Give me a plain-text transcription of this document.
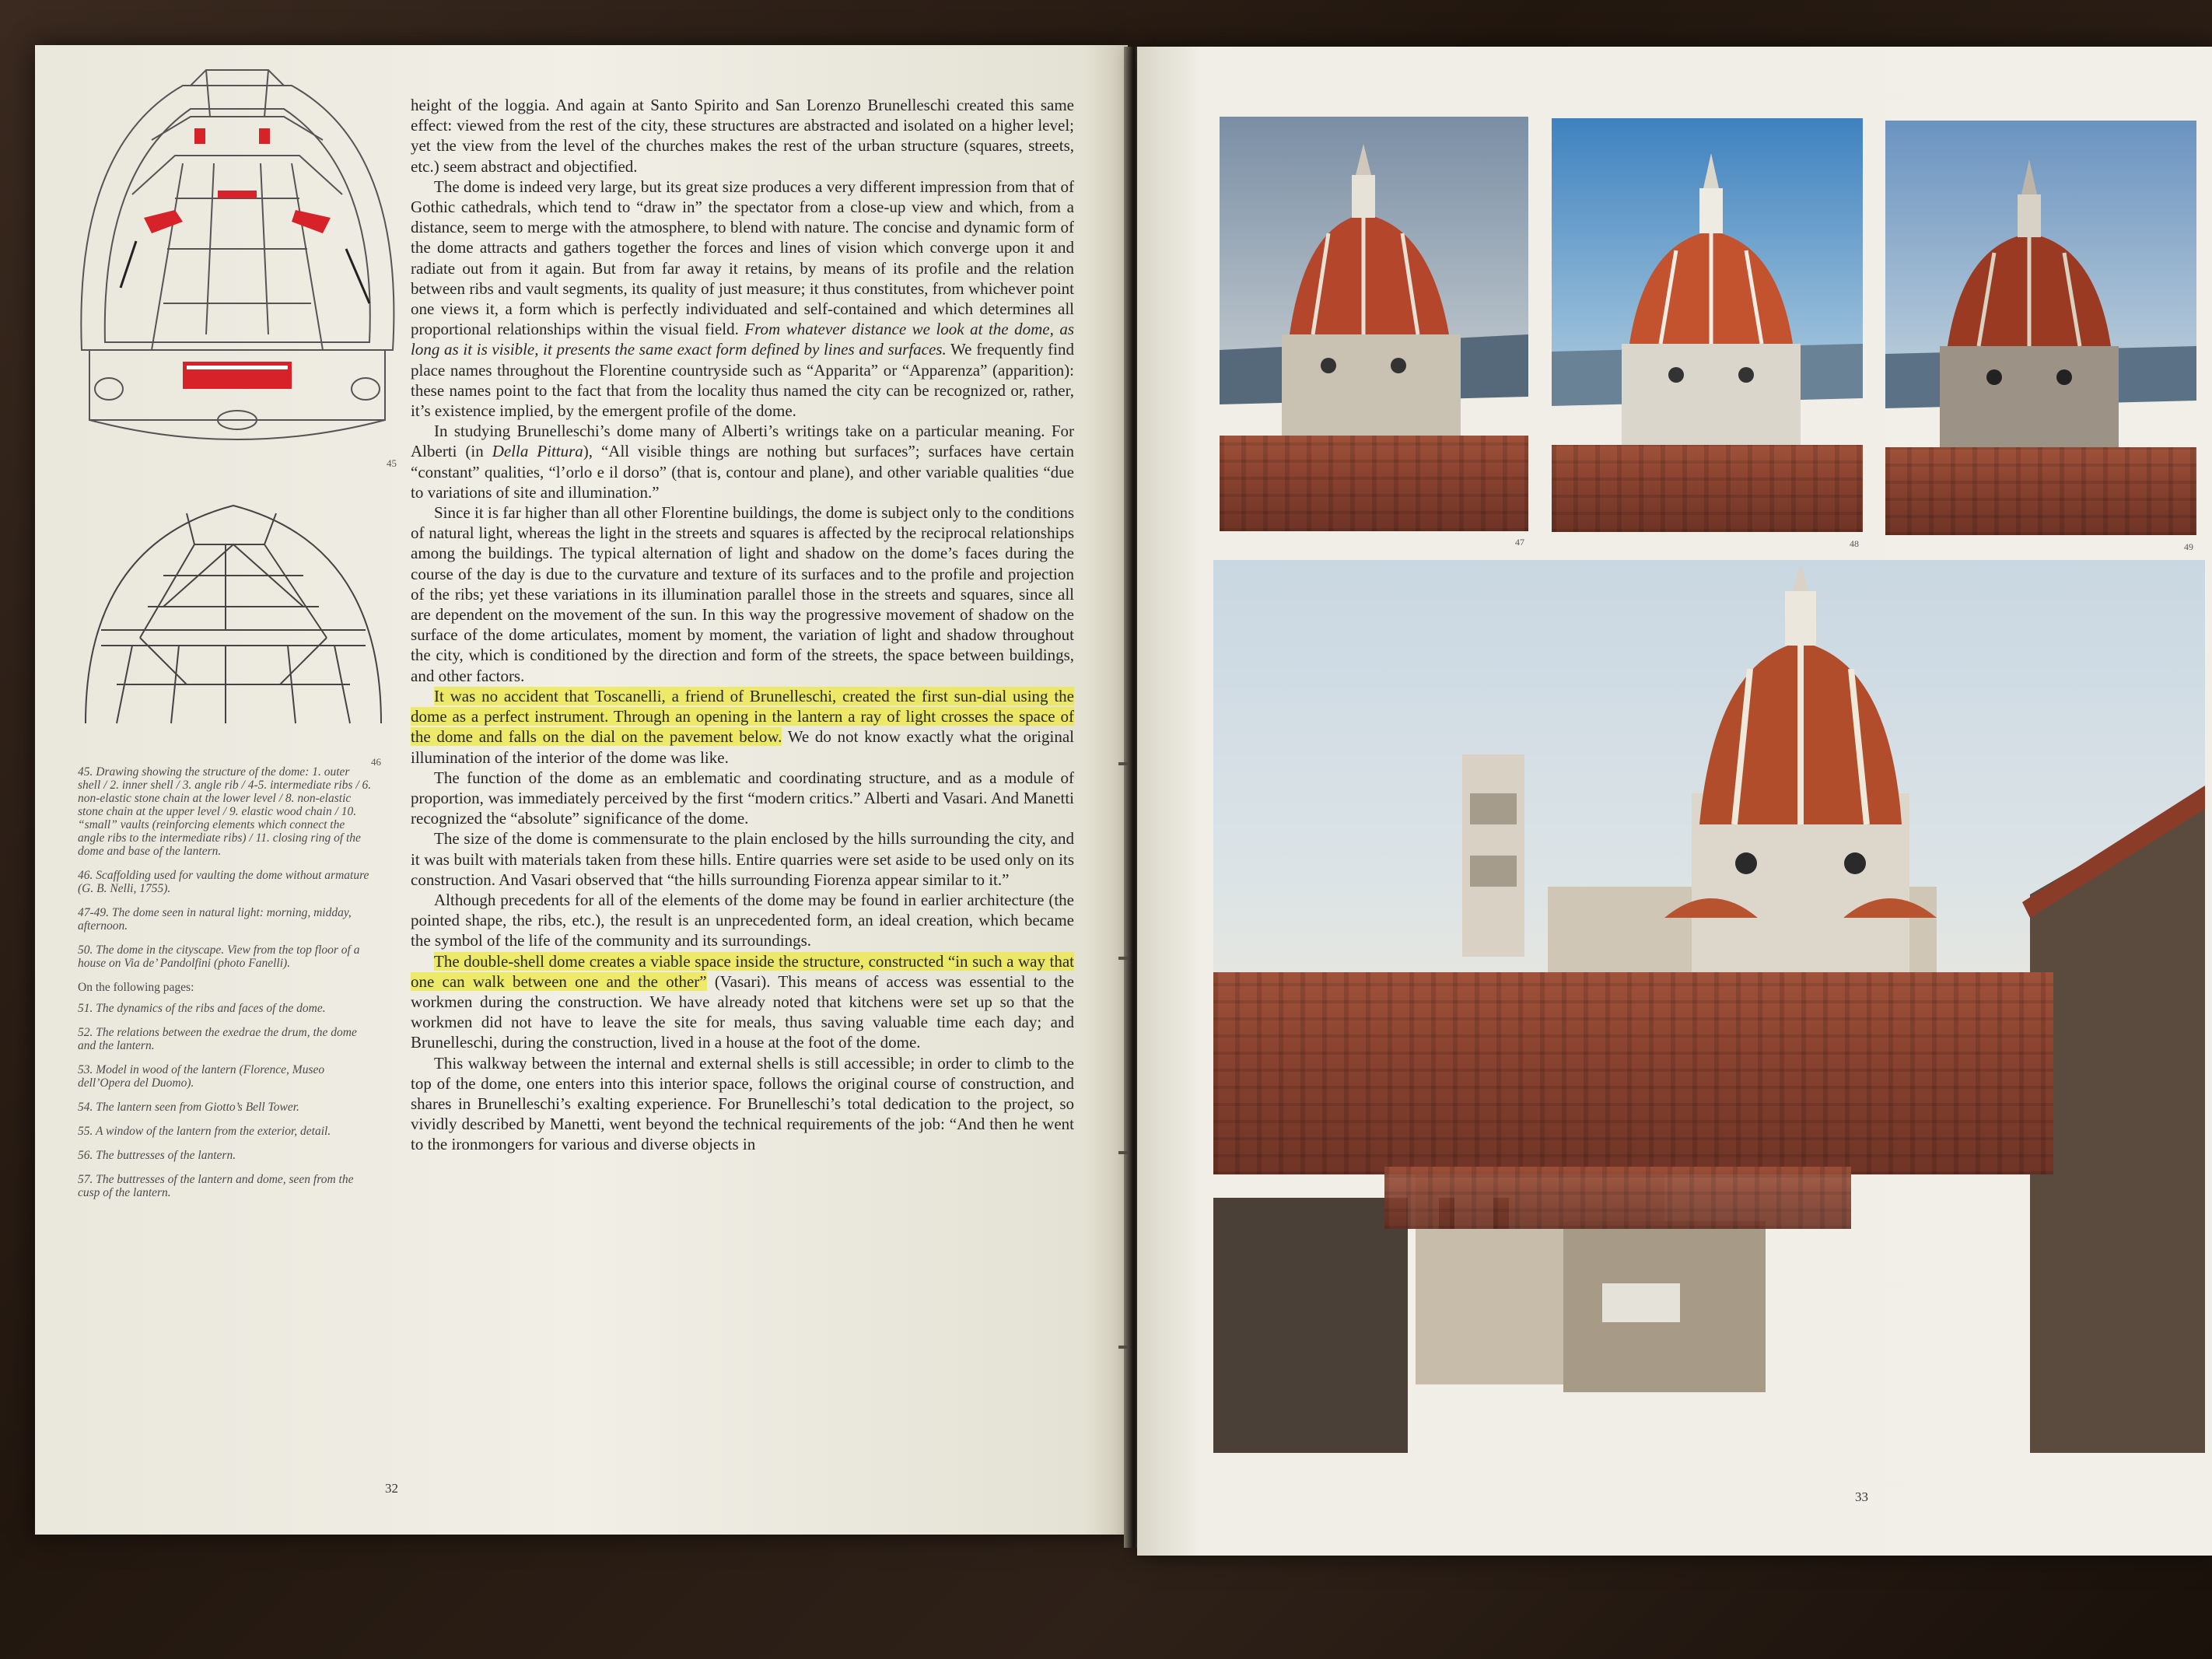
45
46

45. Drawing showing the structure of the dome: 1. outer shell / 2. inner shell / 3. angle rib / 4-5. intermediate ribs / 6. non-elastic stone chain at the lower level / 8. non-elastic stone chain at the upper level / 9. elastic wood chain / 10. “small” vaults (reinforcing elements which connect the angle ribs to the intermediate ribs) / 11. closing ring of the dome and base of the lantern.

46. Scaffolding used for vaulting the dome without armature (G. B. Nelli, 1755).

47-49. The dome seen in natural light: morning, midday, afternoon.

50. The dome in the cityscape. View from the top floor of a house on Via de’ Pandolfini (photo Fanelli).

On the following pages:

51. The dynamics of the ribs and faces of the dome.

52. The relations between the exedrae the drum, the dome and the lantern.

53. Model in wood of the lantern (Florence, Museo dell’Opera del Duomo).

54. The lantern seen from Giotto’s Bell Tower.

55. A window of the lantern from the exterior, detail.

56. The buttresses of the lantern.

57. The buttresses of the lantern and dome, seen from the cusp of the lantern.

height of the loggia. And again at Santo Spirito and San Lorenzo Brunelleschi created this same effect: viewed from the rest of the city, these structures are abstracted and isolated on a higher level; yet the view from the level of the churches makes the rest of the urban structure (squares, streets, etc.) seem abstract and objectified.

The dome is indeed very large, but its great size produces a very different impression from that of Gothic cathedrals, which tend to “draw in” the spectator from a close-up view and which, from a distance, seem to merge with the atmosphere, to blend with nature. The concise and dynamic form of the dome attracts and gathers together the forces and lines of vision which converge upon it and radiate out from it again. But from far away it retains, by means of its profile and the relation between ribs and vault segments, its quality of just measure; it thus constitutes, from whichever point one views it, a form which is perfectly individuated and self-contained and which determines all proportional relationships within the visual field. From whatever distance we look at the dome, as long as it is visible, it presents the same exact form defined by lines and surfaces. We frequently find place names throughout the Florentine countryside such as “Apparita” or “Apparenza” (apparition): these names point to the fact that from the locality thus named the city can be recognized or, rather, it’s existence implied, by the emergent profile of the dome.

In studying Brunelleschi’s dome many of Alberti’s writings take on a particular meaning. For Alberti (in Della Pittura), “All visible things are nothing but surfaces”; surfaces have certain “constant” qualities, “l’orlo e il dorso” (that is, contour and plane), and other variable qualities “due to variations of site and illumination.”

Since it is far higher than all other Florentine buildings, the dome is subject only to the conditions of natural light, whereas the light in the streets and squares is affected by the reciprocal relationships among the buildings. The typical alternation of light and shadow on the dome’s faces during the course of the day is due to the curvature and texture of its surfaces and to the profile and projection of the ribs; yet these variations in its illumination parallel those in the streets and squares, since all are dependent on the movement of the sun. In this way the progressive movement of shadow on the surface of the dome articulates, moment by moment, the variation of light and shadow throughout the city, which is conditioned by the direction and form of the streets, the space between buildings, and other factors.

It was no accident that Toscanelli, a friend of Brunelleschi, created the first sun-dial using the dome as a perfect instrument. Through an opening in the lantern a ray of light crosses the space of the dome and falls on the dial on the pavement below. We do not know exactly what the original illumination of the interior of the dome was like.

The function of the dome as an emblematic and coordinating structure, and as a module of proportion, was immediately perceived by the first “modern critics.” Alberti and Vasari. And Manetti recognized the “absolute” significance of the dome.

The size of the dome is commensurate to the plain enclosed by the hills surrounding the city, and it was built with materials taken from these hills. Entire quarries were set aside to be used only on its construction. And Vasari observed that “the hills surrounding Fiorenza appear similar to it.”

Although precedents for all of the elements of the dome may be found in earlier architecture (the pointed shape, the ribs, etc.), the result is an unprecedented form, an ideal creation, which became the symbol of the life of the community and its surroundings.

The double-shell dome creates a viable space inside the structure, constructed “in such a way that one can walk between one and the other” (Vasari). This means of access was essential to the workmen during the construction. We have already noted that kitchens were set up so that the workmen did not have to leave the site for meals, thus saving valuable time each day; and Brunelleschi, during the construction, lived in a house at the foot of the dome.

This walkway between the internal and external shells is still accessible; in order to climb to the top of the dome, one enters into this interior space, follows the original course of construction, and shares in Brunelleschi’s exalting experience. For Brunelleschi’s total dedication to the project, so vividly described by Manetti, went beyond the technical requirements of the job: “And then he went to the ironmongers for various and diverse objects in

32
47	48	49
33
